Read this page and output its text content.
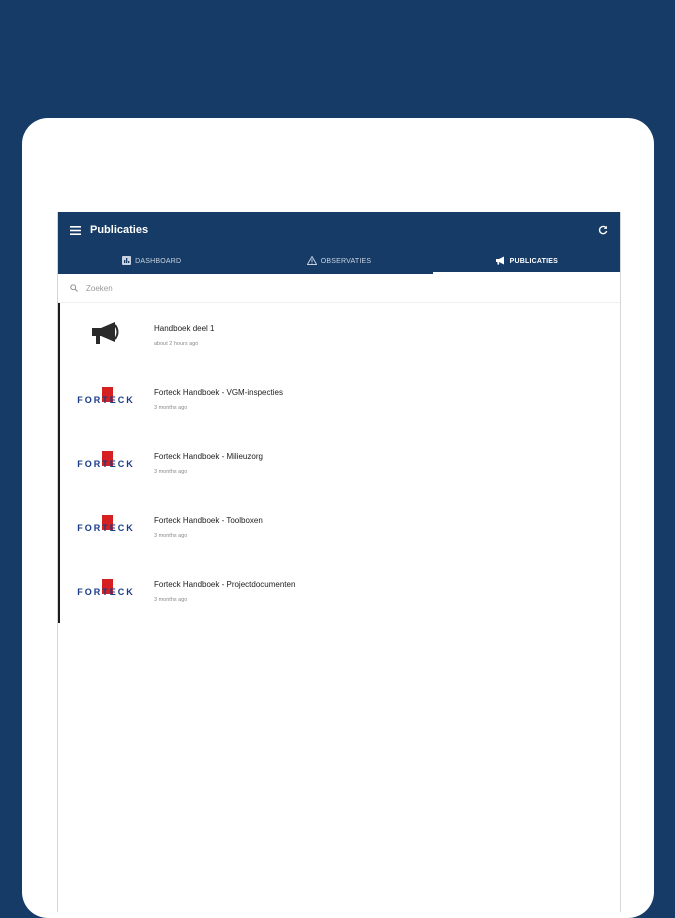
Publicaties
DASHBOARD	OBSERVATIES	PUBLICATIES
Zoeken
Handboek deel 1
about 2 hours ago
FORTECK
Forteck Handboek - VGM-inspecties
3 months ago
FORTECK
Forteck Handboek - Milieuzorg
3 months ago
FORTECK
Forteck Handboek - Toolboxen
3 months ago
FORTECK
Forteck Handboek - Projectdocumenten
3 months ago
